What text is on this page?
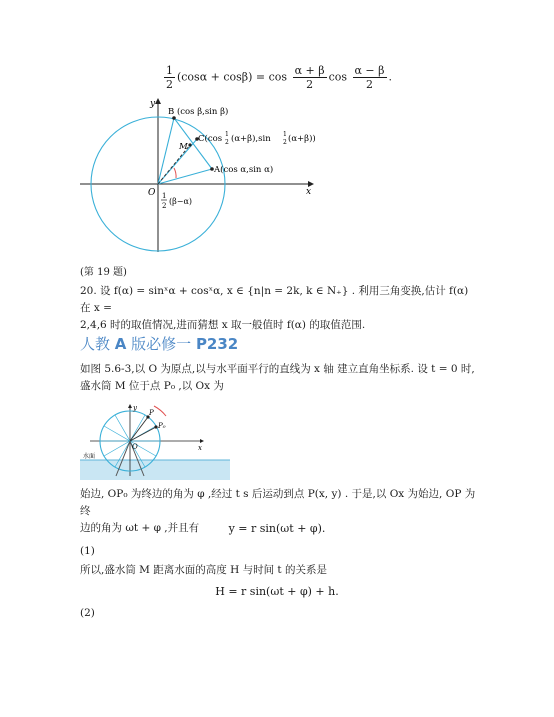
$\frac{1}{2} (\cos\alpha + \cos\beta) = \cos \frac{\alpha + \beta}{2}$ $\cos \frac{\alpha - \beta}{2}$ .
y
x
O
B (cos β,sin β)
C(cos 1
2 (α+β),sin 1
2 (α+β))
M
A(cos α,sin α)
1
2 (β−α)
(第 19 题)
20. 设 f(α) = sinˣα + cosˣα, x ∈ {n|n = 2k, k ∈ N₊} . 利用三角变换,估计 f(α) 在 x =
2,4,6 时的取值情况,进而猜想 x 取一般值时 f(α) 的取值范围.
人教 A 版必修一 P232
如图 5.6-3,以 O 为原点,以与水平面平行的直线为 x 轴 建立直角坐标系. 设 t = 0 时,
盛水筒 M 位于点 P₀ ,以 Ox 为
y
P
P₀
O	x
水面
始边, OP₀ 为终边的角为 φ ,经过 t s 后运动到点 P(x, y) . 于是,以 Ox 为始边, OP 为终
边的角为 ωt + φ ,并且有	y = r sin(ωt + φ).
(1)
所以,盛水筒 M 距离水面的高度 H 与时间 t 的关系是
H = r sin(ωt + φ) + h.
(2)
